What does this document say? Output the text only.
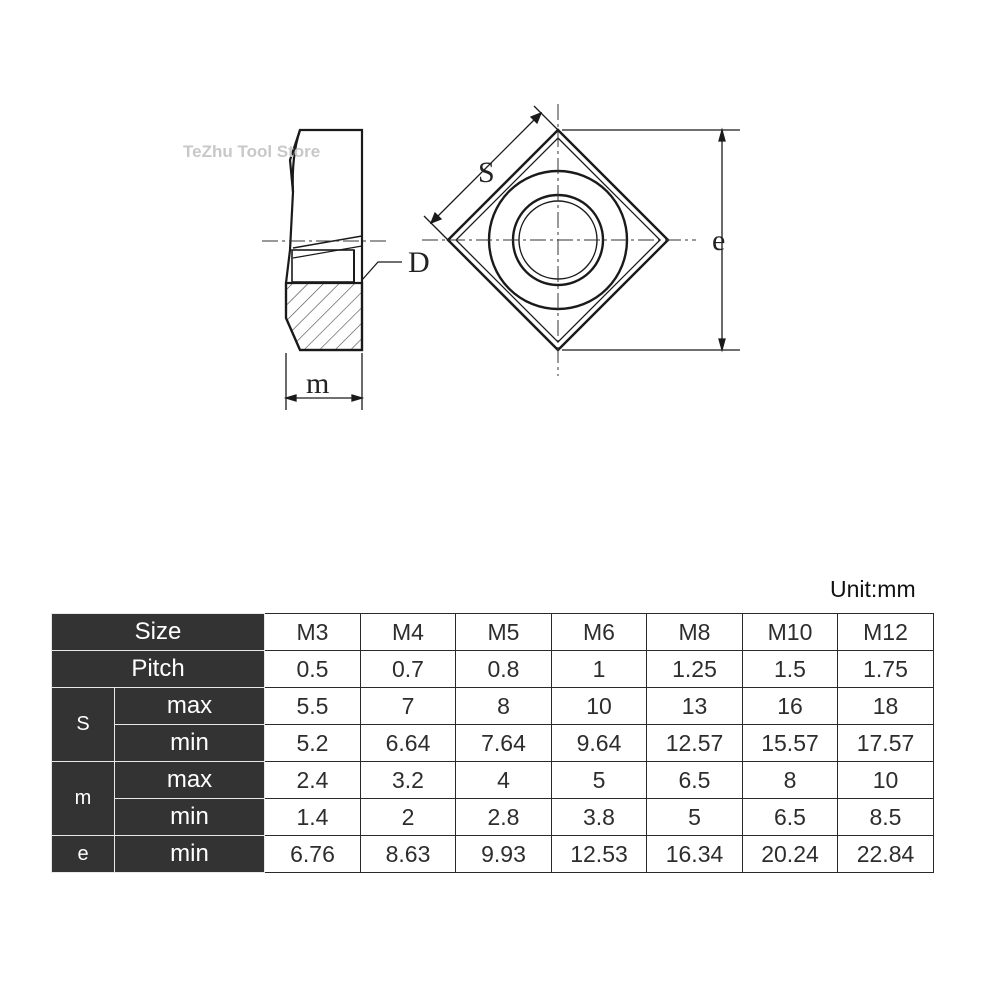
m
D
S
e
TeZhu Tool Store
Unit:mm
Size		M3	M4	M5	M6	M8	M10	M12
Pitch		0.5	0.7	0.8	1	1.25	1.5	1.75
S	max	5.5	7	8	10	13	16	18
	min	5.2	6.64	7.64	9.64	12.57	15.57	17.57
m	max	2.4	3.2	4	5	6.5	8	10
	min	1.4	2	2.8	3.8	5	6.5	8.5
e	min	6.76	8.63	9.93	12.53	16.34	20.24	22.84
